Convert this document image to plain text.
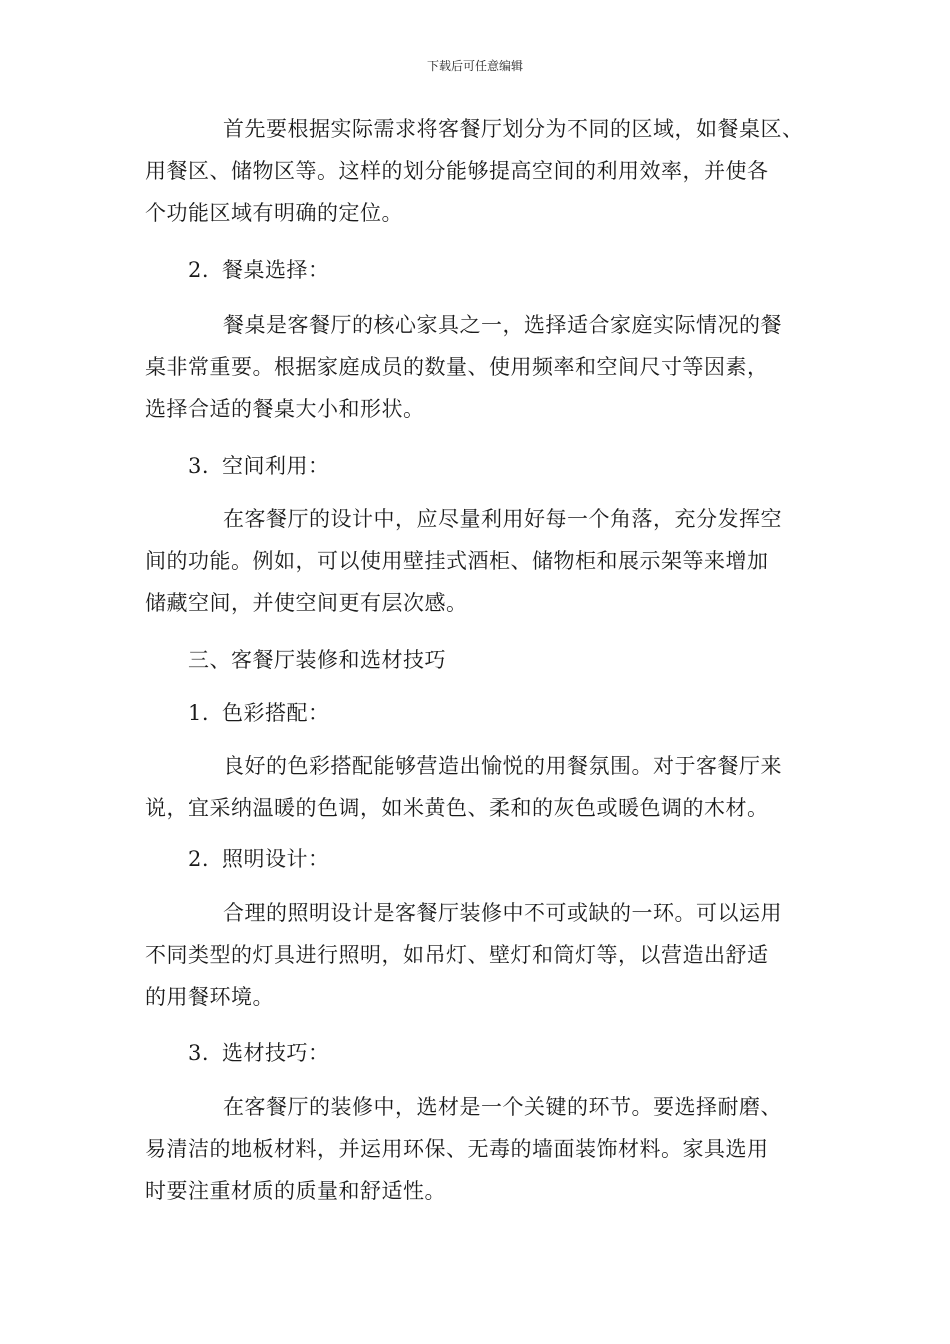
下载后可任意编辑
首先要根据实际需求将客餐厅划分为不同的区域，如餐桌区、
用餐区、储物区等。这样的划分能够提高空间的利用效率，并使各
个功能区域有明确的定位。
2. 餐桌选择：
餐桌是客餐厅的核心家具之一，选择适合家庭实际情况的餐
桌非常重要。根据家庭成员的数量、使用频率和空间尺寸等因素，
选择合适的餐桌大小和形状。
3. 空间利用：
在客餐厅的设计中，应尽量利用好每一个角落，充分发挥空
间的功能。例如，可以使用壁挂式酒柜、储物柜和展示架等来增加
储藏空间，并使空间更有层次感。
三、客餐厅装修和选材技巧
1. 色彩搭配：
良好的色彩搭配能够营造出愉悦的用餐氛围。对于客餐厅来
说，宜采纳温暖的色调，如米黄色、柔和的灰色或暖色调的木材。
2. 照明设计：
合理的照明设计是客餐厅装修中不可或缺的一环。可以运用
不同类型的灯具进行照明，如吊灯、壁灯和筒灯等，以营造出舒适
的用餐环境。
3. 选材技巧：
在客餐厅的装修中，选材是一个关键的环节。要选择耐磨、
易清洁的地板材料，并运用环保、无毒的墙面装饰材料。家具选用
时要注重材质的质量和舒适性。
